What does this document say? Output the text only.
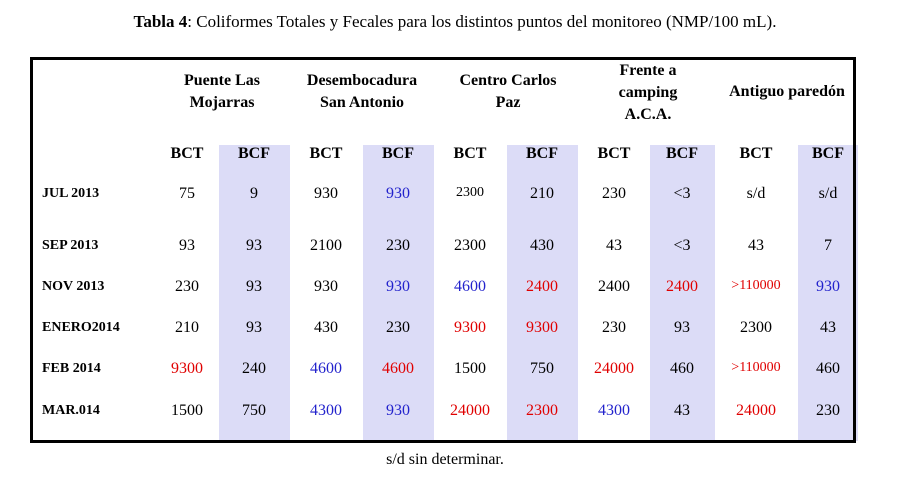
Tabla 4: Coliformes Totales y Fecales para los distintos puntos del monitoreo (NMP/100 mL).
Puente Las
Mojarras
Desembocadura
San Antonio
Centro Carlos
Paz
Frente a
camping
A.C.A.
Antiguo paredón
BCT	BCF	BCT	BCF	BCT	BCF	BCT	BCF	BCT	BCF
JUL 2013	75	9	930	930	2300	210	230	<3	s/d	s/d
SEP 2013	93	93	2100	230	2300	430	43	<3	43	7
NOV 2013	230	93	930	930	4600	2400	2400	2400	>110000	930
ENERO2014	210	93	430	230	9300	9300	230	93	2300	43
FEB 2014	9300	240	4600	4600	1500	750	24000	460	>110000	460
MAR.014	1500	750	4300	930	24000	2300	4300	43	24000	230
s/d sin determinar.
